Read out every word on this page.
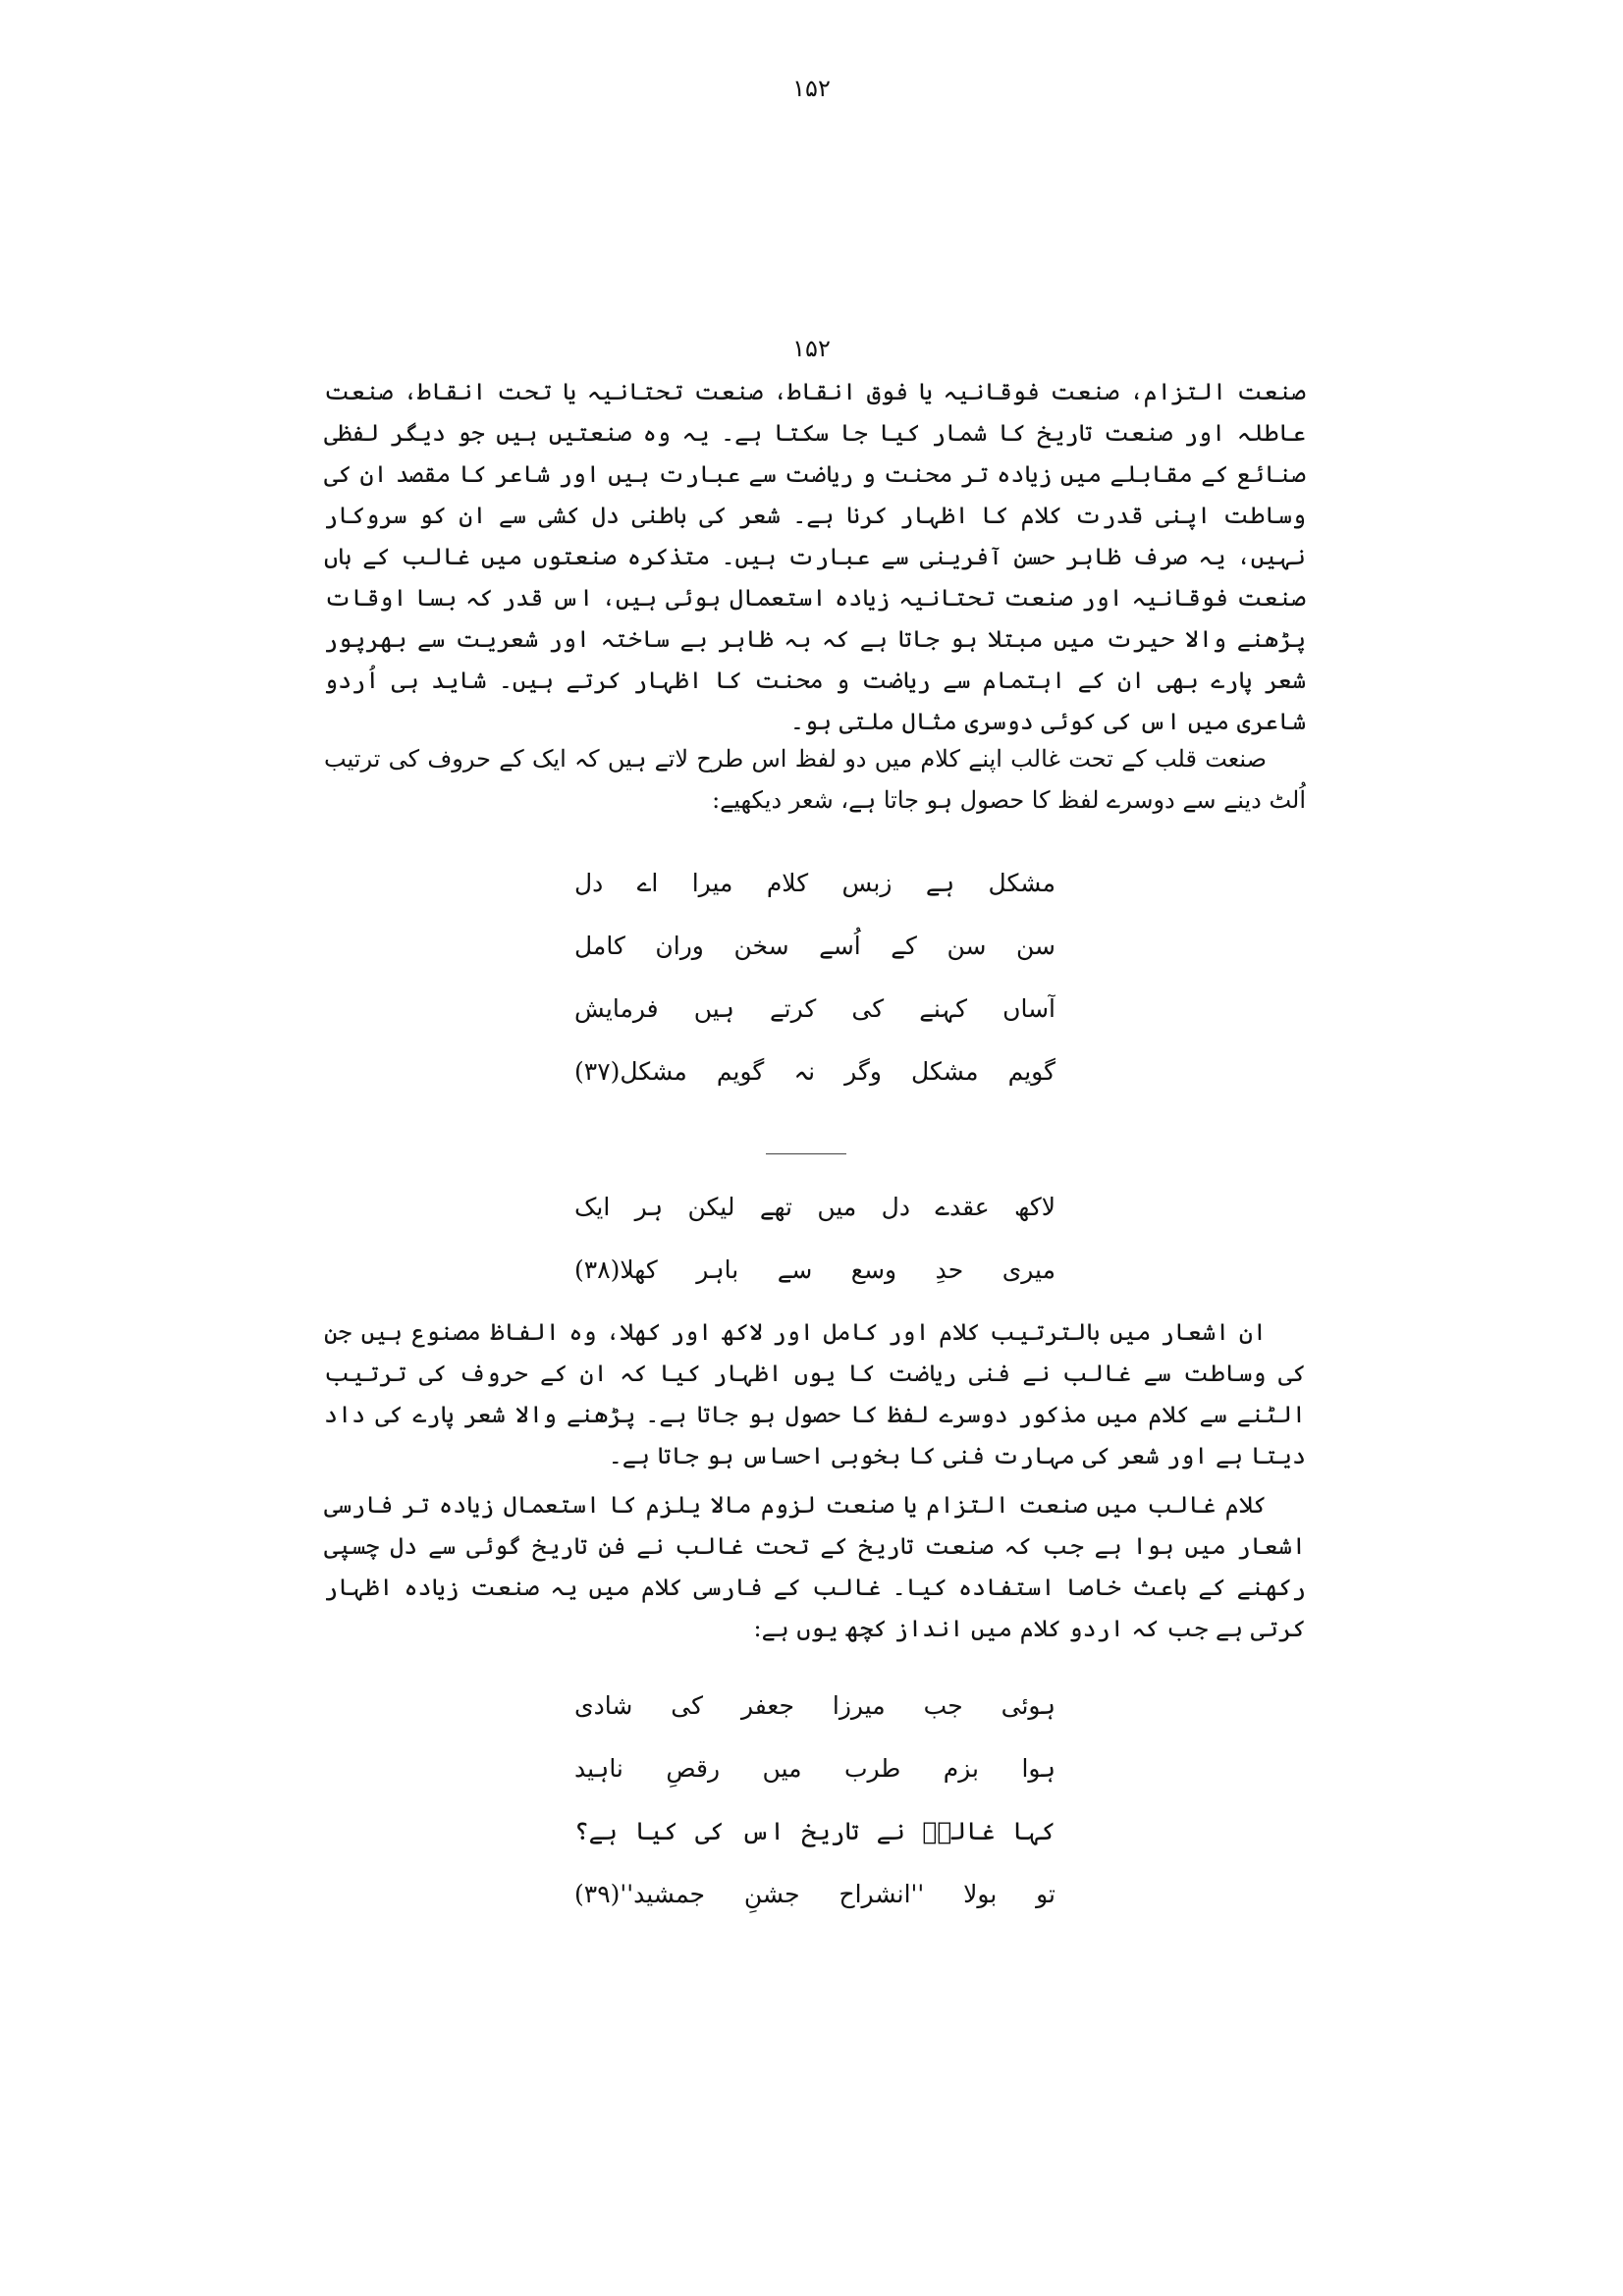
۱۵۲
۱۵۲

صنعت التزام، صنعت فوقانیہ یا فوق انقاط، صنعت تحتانیہ یا تحت انقاط، صنعت عاطلہ اور صنعت تاریخ کا شمار کیا جا سکتا ہے۔ یہ وہ صنعتیں ہیں جو دیگر لفظی صنائع کے مقابلے میں زیادہ تر محنت و ریاضت سے عبارت ہیں اور شاعر کا مقصد ان کی وساطت اپنی قدرت کلام کا اظہار کرنا ہے۔ شعر کی باطنی دل کشی سے ان کو سروکار نہیں، یہ صرف ظاہر حسن آفرینی سے عبارت ہیں۔ متذکرہ صنعتوں میں غالب کے ہاں صنعت فوقانیہ اور صنعت تحتانیہ زیادہ استعمال ہوئی ہیں، اس قدر کہ بسا اوقات پڑھنے والا حیرت میں مبتلا ہو جاتا ہے کہ بہ ظاہر بے ساختہ اور شعریت سے بھرپور شعر پارے بھی ان کے اہتمام سے ریاضت و محنت کا اظہار کرتے ہیں۔ شاید ہی اُردو شاعری میں اس کی کوئی دوسری مثال ملتی ہو۔

صنعت قلب کے تحت غالب اپنے کلام میں دو لفظ اس طرح لاتے ہیں کہ ایک کے حروف کی ترتیب اُلٹ دینے سے دوسرے لفظ کا حصول ہو جاتا ہے، شعر دیکھیے:

مشکل ہے زبس کلام میرا اے دل
سن سن کے اُسے سخن وران کامل
آساں کہنے کی کرتے ہیں فرمایش
گویم مشکل وگر نہ گویم مشکل(۳۷)
لاکھ عقدے دل میں تھے لیکن ہر ایک
میری حدِ وسع سے باہر کھلا(۳۸)

ان اشعار میں بالترتیب کلام اور کامل اور لاکھ اور کھلا، وہ الفاظ مصنوع ہیں جن کی وساطت سے غالب نے فنی ریاضت کا یوں اظہار کیا کہ ان کے حروف کی ترتیب الٹنے سے کلام میں مذکور دوسرے لفظ کا حصول ہو جاتا ہے۔ پڑھنے والا شعر پارے کی داد دیتا ہے اور شعر کی مہارت فنی کا بخوبی احساس ہو جاتا ہے۔

کلام غالب میں صنعت التزام یا صنعت لزوم مالا یلزم کا استعمال زیادہ تر فارسی اشعار میں ہوا ہے جب کہ صنعت تاریخ کے تحت غالب نے فن تاریخ گوئی سے دل چسپی رکھنے کے باعث خاصا استفادہ کیا۔ غالب کے فارسی کلام میں یہ صنعت زیادہ اظہار کرتی ہے جب کہ اردو کلام میں انداز کچھ یوں ہے:

ہوئی جب میرزا جعفر کی شادی
ہوا بزم طرب میں رقصِ ناہید
کہا غالبؔ نے تاریخ اس کی کیا ہے؟
تو بولا ''انشراح جشنِ جمشید''(۳۹)
